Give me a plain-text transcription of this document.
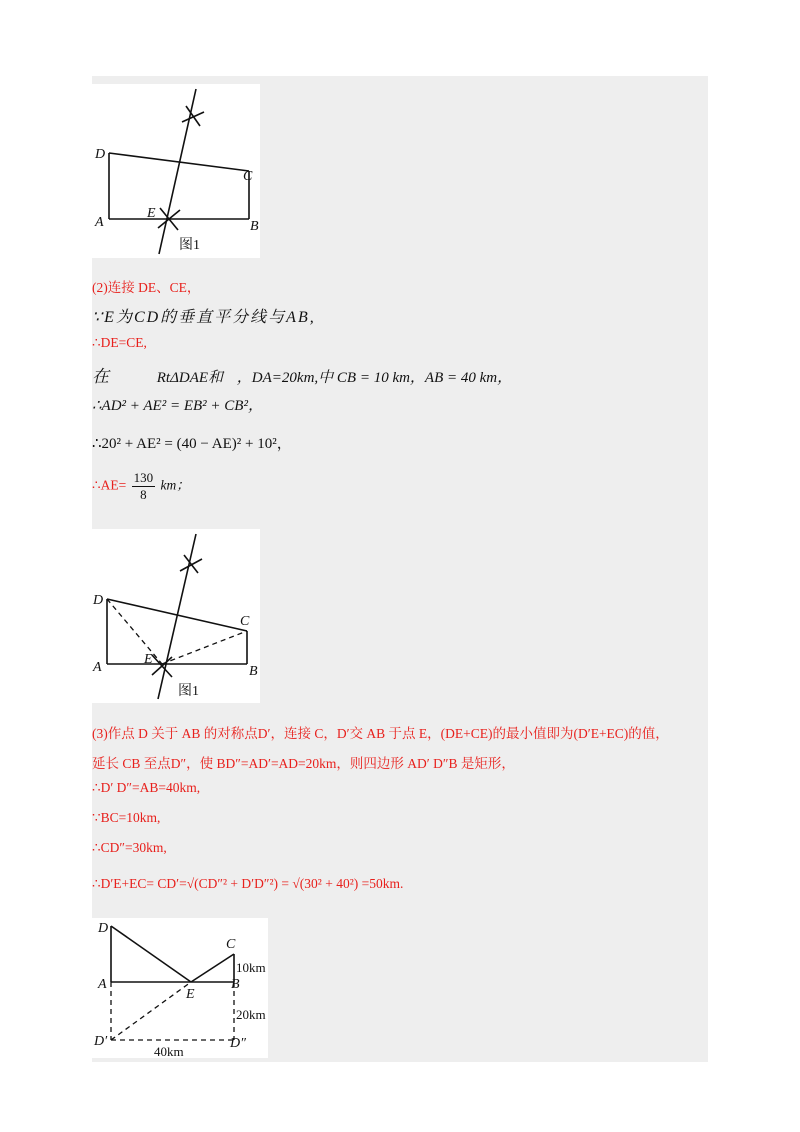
D
C
A
E
B
图1
(2)连接 DE、CE，
∵E为CD的垂直平分线与AB,
∴DE=CE,
在	RtΔDAE和 ，DA=20km,中 CB = 10 km，AB = 40 km，
∴AD² + AE² = EB² + CB²，
∴20² + AE² = (40 − AE)² + 10²，
∴AE= $\frac{130}{8}$ km；
D
C
A
E
B
图1
(3)作点 D 关于 AB 的对称点D′，连接 C，D′交 AB 于点 E，(DE+CE)的最小值即为(D′E+EC)的值，
延长 CB 至点D″，使 BD″=AD′=AD=20km，则四边形 AD′ D″B 是矩形，
∴D′ D″=AB=40km,
∵BC=10km,
∴CD″=30km,
∴D′E+EC= CD′=√(CD″² + D′D″²) = √(30² + 40²) =50km.
D
C
A
E
B
D′	D″
10km
20km
40km
